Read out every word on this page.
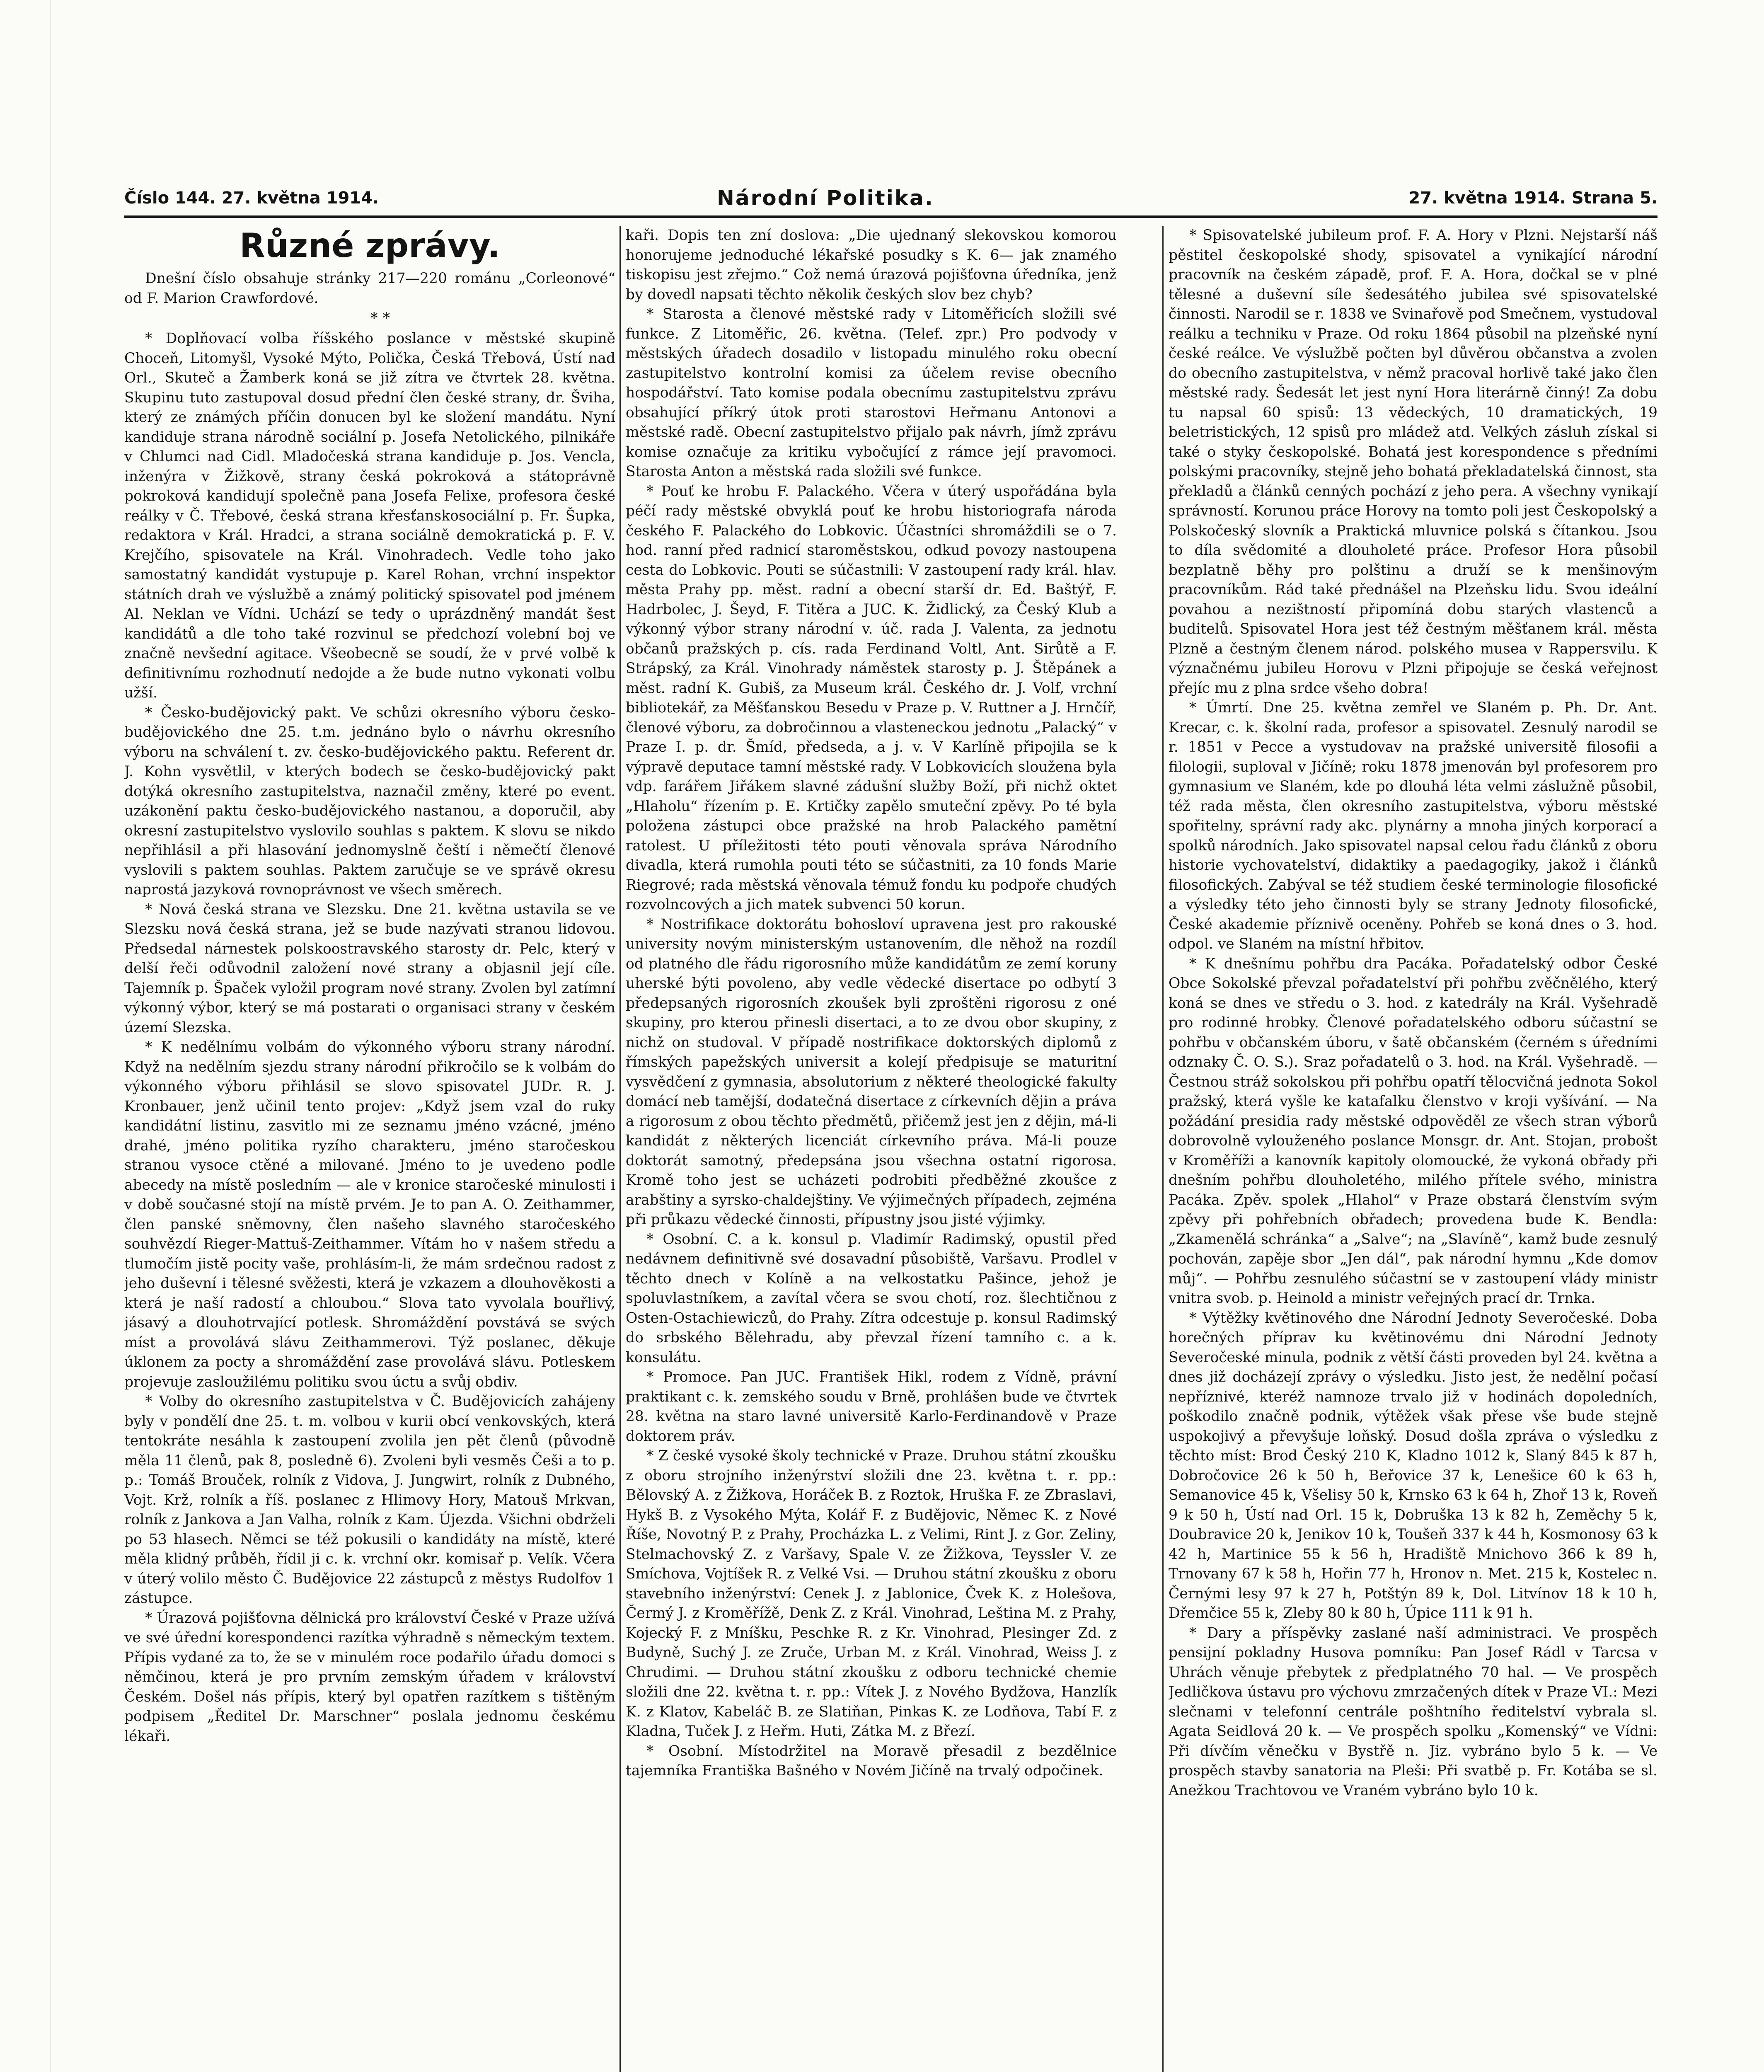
Číslo 144. 27. května 1914.	Národní Politika.	27. května 1914. Strana 5.
Různé zprávy.

Dnešní číslo obsahuje stránky 217—220 románu „Corleonové“ od F. Marion Crawfordové.

* *

* Doplňovací volba říšského poslance v městské skupině Choceň, Litomyšl, Vysoké Mýto, Polička, Česká Třebová, Ústí nad Orl., Skuteč a Žamberk koná se již zítra ve čtvrtek 28. května. Skupinu tuto zastupoval dosud přední člen české strany, dr. Šviha, který ze známých příčin donucen byl ke složení mandátu. Nyní kandiduje strana národně sociální p. Josefa Netolického, pilnikáře v Chlumci nad Cidl. Mladočeská strana kandiduje p. Jos. Vencla, inženýra v Žižkově, strany česká pokroková a státoprávně pokroková kandidují společně pana Josefa Felixe, profesora české reálky v Č. Třebové, česká strana křesťanskosociální p. Fr. Šupka, redaktora v Král. Hradci, a strana sociálně demokratická p. F. V. Krejčího, spisovatele na Král. Vinohradech. Vedle toho jako samostatný kandidát vystupuje p. Karel Rohan, vrchní inspektor státních drah ve výslužbě a známý politický spisovatel pod jménem Al. Neklan ve Vídni. Uchází se tedy o uprázdněný mandát šest kandidátů a dle toho také rozvinul se předchozí volební boj ve značně nevšední agitace. Všeobecně se soudí, že v prvé volbě k definitivnímu rozhodnutí nedojde a že bude nutno vykonati volbu užší.

* Česko-budějovický pakt. Ve schůzi okresního výboru česko-budějovického dne 25. t.m. jednáno bylo o návrhu okresního výboru na schválení t. zv. česko-budějovického paktu. Referent dr. J. Kohn vysvětlil, v kterých bodech se česko-budějovický pakt dotýká okresního zastupitelstva, naznačil změny, které po event. uzákonění paktu česko-budějovického nastanou, a doporučil, aby okresní zastupitelstvo vyslovilo souhlas s paktem. K slovu se nikdo nepřihlásil a při hlasování jednomyslně čeští i němečtí členové vyslovili s paktem souhlas. Paktem zaručuje se ve správě okresu naprostá jazyková rovnoprávnost ve všech směrech.

* Nová česká strana ve Slezsku. Dne 21. května ustavila se ve Slezsku nová česká strana, jež se bude nazývati stranou lidovou. Předsedal nárnestek polskoostravského starosty dr. Pelc, který v delší řeči odůvodnil založení nové strany a objasnil její cíle. Tajemník p. Špaček vyložil program nové strany. Zvolen byl zatímní výkonný výbor, který se má postarati o organisaci strany v českém území Slezska.

* K nedělnímu volbám do výkonného výboru strany národní. Když na nedělním sjezdu strany národní přikročilo se k volbám do výkonného výboru přihlásil se slovo spisovatel JUDr. R. J. Kronbauer, jenž učinil tento projev: „Když jsem vzal do ruky kandidátní listinu, zasvitlo mi ze seznamu jméno vzácné, jméno drahé, jméno politika ryzího charakteru, jméno staročeskou stranou vysoce ctěné a milované. Jméno to je uvedeno podle abecedy na místě posledním — ale v kronice staročeské minulosti i v době současné stojí na místě prvém. Je to pan A. O. Zeithammer, člen panské sněmovny, člen našeho slavného staročeského souhvězdí Rieger-Mattuš-Zeithammer. Vítám ho v našem středu a tlumočím jistě pocity vaše, prohlásím-li, že mám srdečnou radost z jeho duševní i tělesné svěžesti, která je vzkazem a dlouhověkosti a která je naší radostí a chloubou.“ Slova tato vyvolala bouřlivý, jásavý a dlouhotrvající potlesk. Shromáždění povstává se svých míst a provolává slávu Zeithammerovi. Týž poslanec, děkuje úklonem za pocty a shromáždění zase provolává slávu. Potleskem projevuje zasloužilému politiku svou úctu a svůj obdiv.

* Volby do okresního zastupitelstva v Č. Budějovicích zahájeny byly v pondělí dne 25. t. m. volbou v kurii obcí venkovských, která tentokráte nesáhla k zastoupení zvolila jen pět členů (původně měla 11 členů, pak 8, posledně 6). Zvoleni byli vesměs Češi a to p. p.: Tomáš Brouček, rolník z Vidova, J. Jungwirt, rolník z Dubného, Vojt. Krž, rolník a říš. poslanec z Hlimovy Hory, Matouš Mrkvan, rolník z Jankova a Jan Valha, rolník z Kam. Újezda. Všichni obdrželi po 53 hlasech. Němci se též pokusili o kandidáty na místě, které měla klidný průběh, řídil ji c. k. vrchní okr. komisař p. Velík. Včera v úterý volilo město Č. Budějovice 22 zástupců z městys Rudolfov 1 zástupce.

* Úrazová pojišťovna dělnická pro království České v Praze užívá ve své úřední korespondenci razítka výhradně s německým textem. Přípis vydané za to, že se v minulém roce podařilo úřadu domoci s němčinou, která je pro prvním zemským úřadem v království Českém. Došel nás přípis, který byl opatřen razítkem s tištěným podpisem „Ředitel Dr. Marschner“ poslala jednomu českému lékaři.

kaři. Dopis ten zní doslova: „Die ujednaný slekovskou komorou honorujeme jednoduché lékařské posudky s K. 6— jak znamého tiskopisu jest zřejmo.“ Což nemá úrazová pojišťovna úředníka, jenž by dovedl napsati těchto několik českých slov bez chyb?

* Starosta a členové městské rady v Litoměřicích složili své funkce. Z Litoměřic, 26. května. (Telef. zpr.) Pro podvody v městských úřadech dosadilo v listopadu minulého roku obecní zastupitelstvo kontrolní komisi za účelem revise obecního hospodářství. Tato komise podala obecnímu zastupitelstvu zprávu obsahující příkrý útok proti starostovi Heřmanu Antonovi a městské radě. Obecní zastupitelstvo přijalo pak návrh, jímž zprávu komise označuje za kritiku vybočující z rámce její pravomoci. Starosta Anton a městská rada složili své funkce.

* Pouť ke hrobu F. Palackého. Včera v úterý uspořádána byla péčí rady městské obvyklá pouť ke hrobu historiografa národa českého F. Palackého do Lobkovic. Účastníci shromáždili se o 7. hod. ranní před radnicí staroměstskou, odkud povozy nastoupena cesta do Lobkovic. Pouti se súčastnili: V zastoupení rady král. hlav. města Prahy pp. měst. radní a obecní starší dr. Ed. Baštýř, F. Hadrbolec, J. Šeyd, F. Titěra a JUC. K. Židlický, za Český Klub a výkonný výbor strany národní v. úč. rada J. Valenta, za jednotu občanů pražských p. cís. rada Ferdinand Voltl, Ant. Sirůtě a F. Strápský, za Král. Vinohrady náměstek starosty p. J. Štěpánek a měst. radní K. Gubiš, za Museum král. Českého dr. J. Volf, vrchní bibliotekář, za Měšťanskou Besedu v Praze p. V. Ruttner a J. Hrnčíř, členové výboru, za dobročinnou a vlasteneckou jednotu „Palacký“ v Praze I. p. dr. Šmíd, předseda, a j. v. V Karlíně připojila se k výpravě deputace tamní městské rady. V Lobkovicích sloužena byla vdp. farářem Jiřákem slavné zádušní služby Boží, při nichž oktet „Hlaholu“ řízením p. E. Krtičky zapělo smuteční zpěvy. Po té byla položena zástupci obce pražské na hrob Palackého pamětní ratolest. U příležitosti této pouti věnovala správa Národního divadla, která rumohla pouti této se súčastniti, za 10 fonds Marie Riegrové; rada městská věnovala témuž fondu ku podpoře chudých rozvolncových a jich matek subvenci 50 korun.

* Nostrifikace doktorátu bohosloví upravena jest pro rakouské university novým ministerským ustanovením, dle něhož na rozdíl od platného dle řádu rigorosního může kandidátům ze zemí koruny uherské býti povoleno, aby vedle vědecké disertace po odbytí 3 předepsaných rigorosních zkoušek byli zproštěni rigorosu z oné skupiny, pro kterou přinesli disertaci, a to ze dvou obor skupiny, z nichž on studoval. V případě nostrifikace doktorských diplomů z římských papežských universit a kolejí předpisuje se maturitní vysvědčení z gymnasia, absolutorium z některé theologické fakulty domácí neb tamější, dodatečná disertace z církevních dějin a práva a rigorosum z obou těchto předmětů, přičemž jest jen z dějin, má-li kandidát z některých licenciát církevního práva. Má-li pouze doktorát samotný, předepsána jsou všechna ostatní rigorosa. Kromě toho jest se ucházeti podrobiti předběžné zkoušce z arabštiny a syrsko-chaldejštiny. Ve výjimečných případech, zejména při průkazu vědecké činnosti, přípustny jsou jisté výjimky.

* Osobní. C. a k. konsul p. Vladimír Radimský, opustil před nedávnem definitivně své dosavadní působiště, Varšavu. Prodlel v těchto dnech v Kolíně a na velkostatku Pašince, jehož je spoluvlastníkem, a zavítal včera se svou chotí, roz. šlechtičnou z Osten-Ostachiewiczů, do Prahy. Zítra odcestuje p. konsul Radimský do srbského Bělehradu, aby převzal řízení tamního c. a k. konsulátu.

* Promoce. Pan JUC. František Hikl, rodem z Vídně, právní praktikant c. k. zemského soudu v Brně, prohlášen bude ve čtvrtek 28. května na staro lavné universitě Karlo-Ferdinandově v Praze doktorem práv.

* Z české vysoké školy technické v Praze. Druhou státní zkoušku z oboru strojního inženýrství složili dne 23. května t. r. pp.: Bělovský A. z Žižkova, Horáček B. z Roztok, Hruška F. ze Zbraslavi, Hykš B. z Vysokého Mýta, Kolář F. z Budějovic, Němec K. z Nové Říše, Novotný P. z Prahy, Procházka L. z Velimi, Rint J. z Gor. Zeliny, Stelmachovský Z. z Varšavy, Spale V. ze Žižkova, Teyssler V. ze Smíchova, Vojtíšek R. z Velké Vsi. — Druhou státní zkoušku z oboru stavebního inženýrství: Cenek J. z Jablonice, Čvek K. z Holešova, Čermý J. z Kroměřížě, Denk Z. z Král. Vinohrad, Leština M. z Prahy, Kojecký F. z Mníšku, Peschke R. z Kr. Vinohrad, Plesinger Zd. z Budyně, Suchý J. ze Zruče, Urban M. z Král. Vinohrad, Weiss J. z Chrudimi. — Druhou státní zkoušku z odboru technické chemie složili dne 22. května t. r. pp.: Vítek J. z Nového Bydžova, Hanzlík K. z Klatov, Kabeláč B. ze Slatiňan, Pinkas K. ze Lodňova, Tabí F. z Kladna, Tuček J. z Heřm. Huti, Zátka M. z Březí.

* Osobní. Místodržitel na Moravě přesadil z bezdělnice tajemníka Františka Bašného v Novém Jičíně na trvalý odpočinek.

* Spisovatelské jubileum prof. F. A. Hory v Plzni. Nejstarší náš pěstitel českopolské shody, spisovatel a vynikající národní pracovník na českém západě, prof. F. A. Hora, dočkal se v plné tělesné a duševní síle šedesátého jubilea své spisovatelské činnosti. Narodil se r. 1838 ve Svinařově pod Smečnem, vystudoval reálku a techniku v Praze. Od roku 1864 působil na plzeňské nyní české reálce. Ve výslužbě počten byl důvěrou občanstva a zvolen do obecního zastupitelstva, v němž pracoval horlivě také jako člen městské rady. Šedesát let jest nyní Hora literárně činný! Za dobu tu napsal 60 spisů: 13 vědeckých, 10 dramatických, 19 beletristických, 12 spisů pro mládež atd. Velkých zásluh získal si také o styky českopolské. Bohatá jest korespondence s předními polskými pracovníky, stejně jeho bohatá překladatelská činnost, sta překladů a článků cenných pochází z jeho pera. A všechny vynikají správností. Korunou práce Horovy na tomto poli jest Českopolský a Polskočeský slovník a Praktická mluvnice polská s čítankou. Jsou to díla svědomité a dlouholeté práce. Profesor Hora působil bezplatně běhy pro polštinu a druží se k menšinovým pracovníkům. Rád také přednášel na Plzeňsku lidu. Svou ideální povahou a nezištností připomíná dobu starých vlastenců a buditelů. Spisovatel Hora jest též čestným měšťanem král. města Plzně a čestným členem národ. polského musea v Rappersvilu. K význačnému jubileu Horovu v Plzni připojuje se česká veřejnost přejíc mu z plna srdce všeho dobra!

* Úmrtí. Dne 25. května zemřel ve Slaném p. Ph. Dr. Ant. Krecar, c. k. školní rada, profesor a spisovatel. Zesnulý narodil se r. 1851 v Pecce a vystudovav na pražské universitě filosofii a filologii, suploval v Jičíně; roku 1878 jmenován byl profesorem pro gymnasium ve Slaném, kde po dlouhá léta velmi záslužně působil, též rada města, člen okresního zastupitelstva, výboru městské spořitelny, správní rady akc. plynárny a mnoha jiných korporací a spolků národních. Jako spisovatel napsal celou řadu článků z oboru historie vychovatelství, didaktiky a paedagogiky, jakož i článků filosofických. Zabýval se též studiem české terminologie filosofické a výsledky této jeho činnosti byly se strany Jednoty filosofické, České akademie příznivě oceněny. Pohřeb se koná dnes o 3. hod. odpol. ve Slaném na místní hřbitov.

* K dnešnímu pohřbu dra Pacáka. Pořadatelský odbor České Obce Sokolské převzal pořadatelství při pohřbu zvěčnělého, který koná se dnes ve středu o 3. hod. z katedrály na Král. Vyšehradě pro rodinné hrobky. Členové pořadatelského odboru súčastní se pohřbu v občanském úboru, v šatě občanském (černém s úředními odznaky Č. O. S.). Sraz pořadatelů o 3. hod. na Král. Vyšehradě. — Čestnou stráž sokolskou při pohřbu opatří tělocvičná jednota Sokol pražský, která vyšle ke katafalku členstvo v kroji vyšívání. — Na požádání presidia rady městské odpověděl ze všech stran výborů dobrovolně vylouženého poslance Monsgr. dr. Ant. Stojan, probošt v Kroměříži a kanovník kapitoly olomoucké, že vykoná obřady při dnešním pohřbu dlouholetého, milého přítele svého, ministra Pacáka. Zpěv. spolek „Hlahol“ v Praze obstará členstvím svým zpěvy při pohřebních obřadech; provedena bude K. Bendla: „Zkamenělá schránka“ a „Salve“; na „Slavíně“, kamž bude zesnulý pochován, zapěje sbor „Jen dál“, pak národní hymnu „Kde domov můj“. — Pohřbu zesnulého súčastní se v zastoupení vlády ministr vnitra svob. p. Heinold a ministr veřejných prací dr. Trnka.

* Výtěžky květinového dne Národní Jednoty Severočeské. Doba horečných příprav ku květinovému dni Národní Jednoty Severočeské minula, podnik z větší části proveden byl 24. května a dnes již docházejí zprávy o výsledku. Jisto jest, že nedělní počasí nepříznivé, kteréž namnoze trvalo již v hodinách dopoledních, poškodilo značně podnik, výtěžek však přese vše bude stejně uspokojivý a převyšuje loňský. Dosud došla zpráva o výsledku z těchto míst: Brod Český 210 K, Kladno 1012 k, Slaný 845 k 87 h, Dobročovice 26 k 50 h, Beřovice 37 k, Lenešice 60 k 63 h, Semanovice 45 k, Všelisy 50 k, Krnsko 63 k 64 h, Zhoř 13 k, Roveň 9 k 50 h, Ústí nad Orl. 15 k, Dobruška 13 k 82 h, Zeměchy 5 k, Doubravice 20 k, Jenikov 10 k, Toušeň 337 k 44 h, Kosmonosy 63 k 42 h, Martinice 55 k 56 h, Hradiště Mnichovo 366 k 89 h, Trnovany 67 k 58 h, Hořin 77 h, Hronov n. Met. 215 k, Kostelec n. Černými lesy 97 k 27 h, Potštýn 89 k, Dol. Litvínov 18 k 10 h, Dřemčice 55 k, Zleby 80 k 80 h, Úpice 111 k 91 h.

* Dary a příspěvky zaslané naší administraci. Ve prospěch pensijní pokladny Husova pomníku: Pan Josef Rádl v Tarcsa v Uhrách věnuje přebytek z předplatného 70 hal. — Ve prospěch Jedličkova ústavu pro výchovu zmrzačených dítek v Praze VI.: Mezi slečnami v telefonní centrále pošhtního ředitelství vybrala sl. Agata Seidlová 20 k. — Ve prospěch spolku „Komenský“ ve Vídni: Při dívčím věnečku v Bystřě n. Jiz. vybráno bylo 5 k. — Ve prospěch stavby sanatoria na Pleši: Při svatbě p. Fr. Kotába se sl. Anežkou Trachtovou ve Vraném vybráno bylo 10 k.
